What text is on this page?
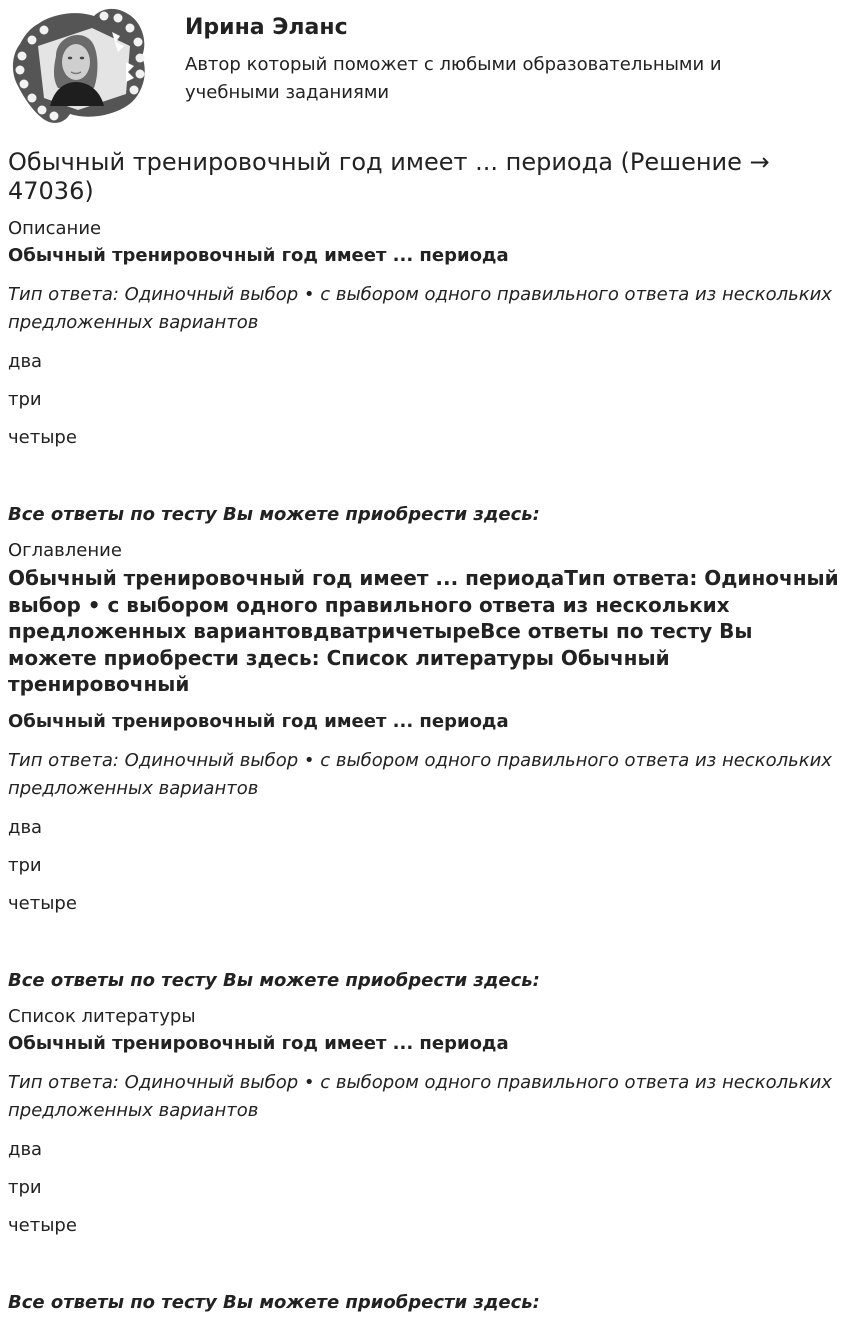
Ирина Эланс
Автор который поможет с любыми образовательными и учебными заданиями
Обычный тренировочный год имеет ... периода (Решение → 47036)
Описание
Обычный тренировочный год имеет ... периода
Тип ответа: Одиночный выбор • с выбором одного правильного ответа из нескольких предложенных вариантов
два
три
четыре
Все ответы по тесту Вы можете приобрести здесь:
Оглавление
Обычный тренировочный год имеет ... периодаТип ответа: Одиночный выбор • с выбором одного правильного ответа из нескольких предложенных вариантовдватричетыреВсе ответы по тесту Вы можете приобрести здесь: Список литературы Обычный тренировочный
Обычный тренировочный год имеет ... периода
Тип ответа: Одиночный выбор • с выбором одного правильного ответа из нескольких предложенных вариантов
два
три
четыре
Все ответы по тесту Вы можете приобрести здесь:
Список литературы
Обычный тренировочный год имеет ... периода
Тип ответа: Одиночный выбор • с выбором одного правильного ответа из нескольких предложенных вариантов
два
три
четыре
Все ответы по тесту Вы можете приобрести здесь:
